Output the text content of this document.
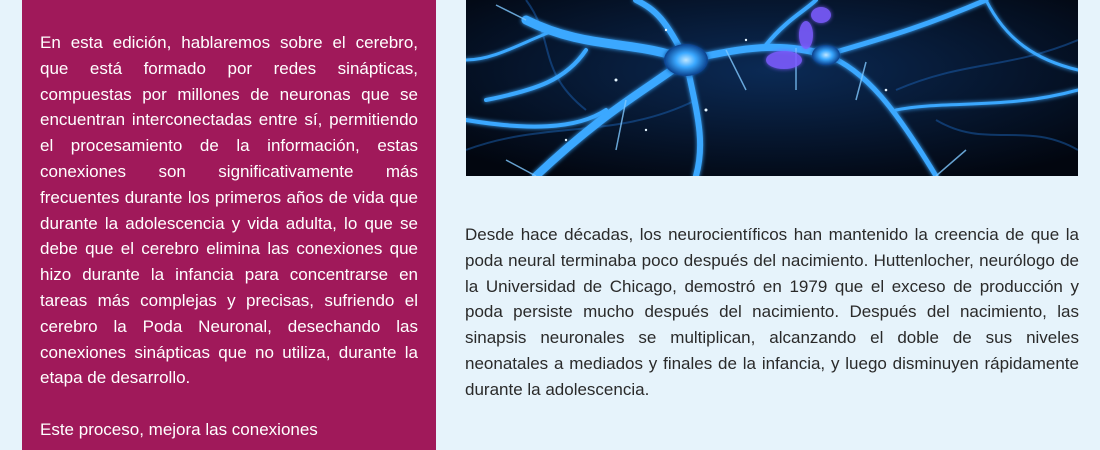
En esta edición, hablaremos sobre el cerebro, que está formado por redes sinápticas, compuestas por millones de neuronas que se encuentran interconectadas entre sí, permitiendo el procesamiento de la información, estas conexiones son significativamente más frecuentes durante los primeros años de vida que durante la adolescencia y vida adulta, lo que se debe que el cerebro elimina las conexiones que hizo durante la infancia para concentrarse en tareas más complejas y precisas, sufriendo el cerebro la Poda Neuronal, desechando las conexiones sinápticas que no utiliza, durante la etapa de desarrollo.

Este proceso, mejora las conexiones

Desde hace décadas, los neurocientíficos han mantenido la creencia de que la poda neural terminaba poco después del nacimiento. Huttenlocher, neurólogo de la Universidad de Chicago, demostró en 1979 que el exceso de producción y poda persiste mucho después del nacimiento. Después del nacimiento, las sinapsis neuronales se multiplican, alcanzando el doble de sus niveles neonatales a mediados y finales de la infancia, y luego disminuyen rápidamente durante la adolescencia.
